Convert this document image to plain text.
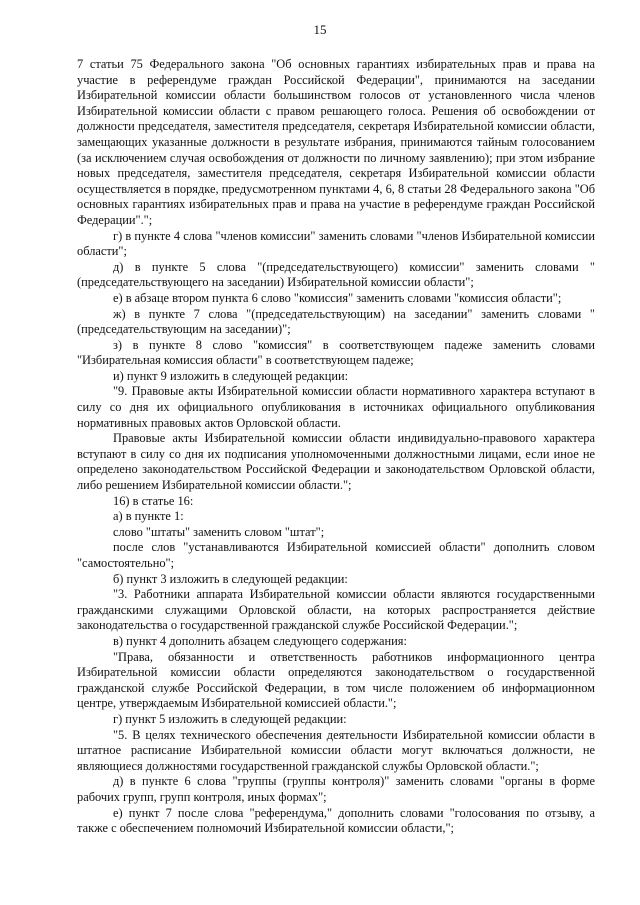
15

7 статьи 75 Федерального закона "Об основных гарантиях избирательных прав и права на участие в референдуме граждан Российской Федерации", принимаются на заседании Избирательной комиссии области большинством голосов от установленного числа членов Избирательной комиссии области с правом решающего голоса. Решения об освобождении от должности председателя, заместителя председателя, секретаря Избирательной комиссии области, замещающих указанные должности в результате избрания, принимаются тайным голосованием (за исключением случая освобождения от должности по личному заявлению); при этом избрание новых председателя, заместителя председателя, секретаря Избирательной комиссии области осуществляется в порядке, предусмотренном пунктами 4, 6, 8 статьи 28 Федерального закона "Об основных гарантиях избирательных прав и права на участие в референдуме граждан Российской Федерации".";

г) в пункте 4 слова "членов комиссии" заменить словами "членов Избирательной комиссии области";

д) в пункте 5 слова "(председательствующего) комиссии" заменить словами "(председательствующего на заседании) Избирательной комиссии области";

е) в абзаце втором пункта 6 слово "комиссия" заменить словами "комиссия области";

ж) в пункте 7 слова "(председательствующим) на заседании" заменить словами "(председательствующим на заседании)";

з) в пункте 8 слово "комиссия" в соответствующем падеже заменить словами "Избирательная комиссия области" в соответствующем падеже;

и) пункт 9 изложить в следующей редакции:

"9. Правовые акты Избирательной комиссии области нормативного характера вступают в силу со дня их официального опубликования в источниках официального опубликования нормативных правовых актов Орловской области.

Правовые акты Избирательной комиссии области индивидуально-правового характера вступают в силу со дня их подписания уполномоченными должностными лицами, если иное не определено законодательством Российской Федерации и законодательством Орловской области, либо решением Избирательной комиссии области.";

16) в статье 16:

а) в пункте 1:

слово "штаты" заменить словом "штат";

после слов "устанавливаются Избирательной комиссией области" дополнить словом "самостоятельно";

б) пункт 3 изложить в следующей редакции:

"3. Работники аппарата Избирательной комиссии области являются государственными гражданскими служащими Орловской области, на которых распространяется действие законодательства о государственной гражданской службе Российской Федерации.";

в) пункт 4 дополнить абзацем следующего содержания:

"Права, обязанности и ответственность работников информационного центра Избирательной комиссии области определяются законодательством о государственной гражданской службе Российской Федерации, в том числе положением об информационном центре, утверждаемым Избирательной комиссией области.";

г) пункт 5 изложить в следующей редакции:

"5. В целях технического обеспечения деятельности Избирательной комиссии области в штатное расписание Избирательной комиссии области могут включаться должности, не являющиеся должностями государственной гражданской службы Орловской области.";

д) в пункте 6 слова "группы (группы контроля)" заменить словами "органы в форме рабочих групп, групп контроля, иных формах";

е) пункт 7 после слова "референдума," дополнить словами "голосования по отзыву, а также с обеспечением полномочий Избирательной комиссии области,";
